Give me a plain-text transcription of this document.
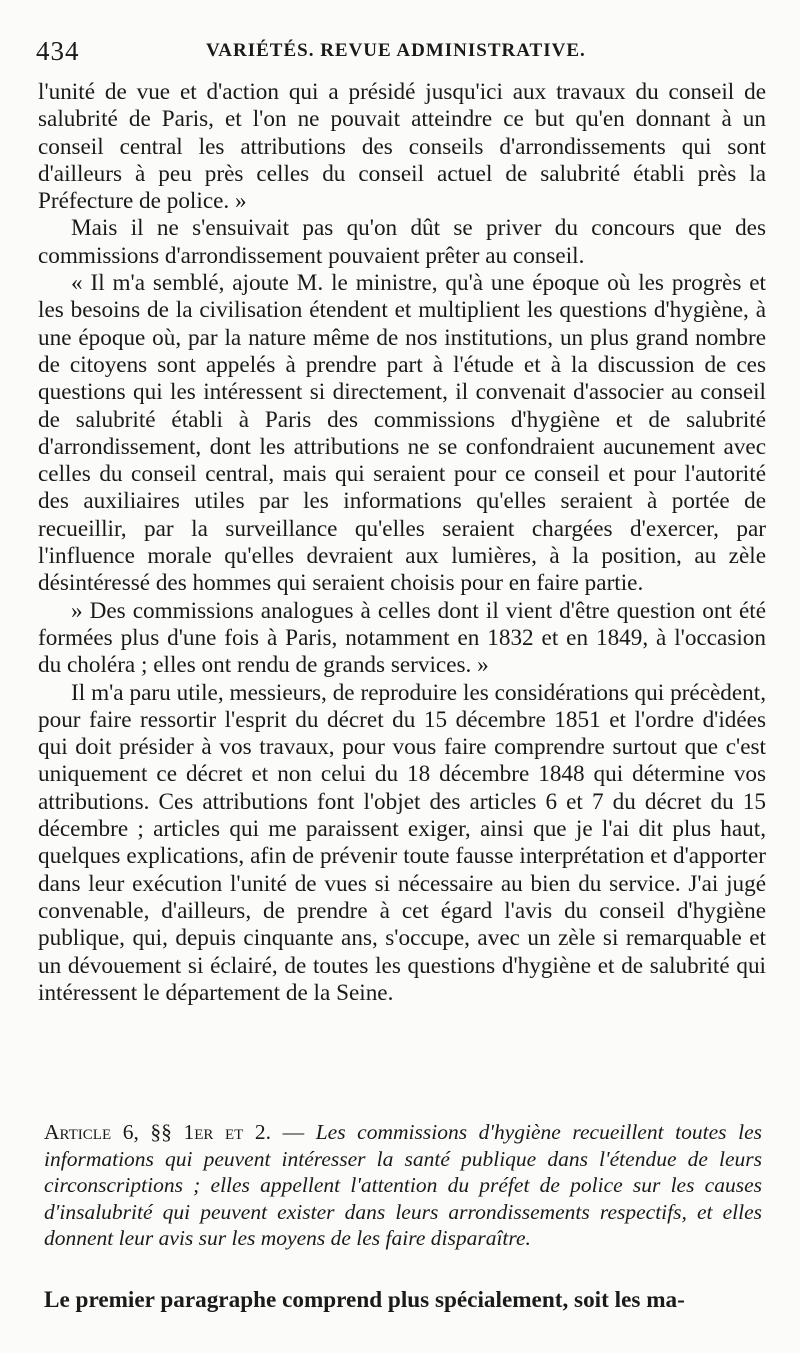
434	VARIÉTÉS. REVUE ADMINISTRATIVE.

l'unité de vue et d'action qui a présidé jusqu'ici aux travaux du conseil de salubrité de Paris, et l'on ne pouvait atteindre ce but qu'en donnant à un conseil central les attributions des conseils d'arrondissements qui sont d'ailleurs à peu près celles du conseil actuel de salubrité établi près la Préfecture de police. »

Mais il ne s'ensuivait pas qu'on dût se priver du concours que des commissions d'arrondissement pouvaient prêter au conseil.

« Il m'a semblé, ajoute M. le ministre, qu'à une époque où les progrès et les besoins de la civilisation étendent et multiplient les questions d'hygiène, à une époque où, par la nature même de nos institutions, un plus grand nombre de citoyens sont appelés à prendre part à l'étude et à la discussion de ces questions qui les intéressent si directement, il convenait d'associer au conseil de salubrité établi à Paris des commissions d'hygiène et de salubrité d'arrondissement, dont les attributions ne se confondraient aucunement avec celles du conseil central, mais qui seraient pour ce conseil et pour l'autorité des auxiliaires utiles par les informations qu'elles seraient à portée de recueillir, par la surveillance qu'elles seraient chargées d'exercer, par l'influence morale qu'elles devraient aux lumières, à la position, au zèle désintéressé des hommes qui seraient choisis pour en faire partie.

» Des commissions analogues à celles dont il vient d'être question ont été formées plus d'une fois à Paris, notamment en 1832 et en 1849, à l'occasion du choléra ; elles ont rendu de grands services. »

Il m'a paru utile, messieurs, de reproduire les considérations qui précèdent, pour faire ressortir l'esprit du décret du 15 décembre 1851 et l'ordre d'idées qui doit présider à vos travaux, pour vous faire comprendre surtout que c'est uniquement ce décret et non celui du 18 décembre 1848 qui détermine vos attributions. Ces attributions font l'objet des articles 6 et 7 du décret du 15 décembre ; articles qui me paraissent exiger, ainsi que je l'ai dit plus haut, quelques explications, afin de prévenir toute fausse interprétation et d'apporter dans leur exécution l'unité de vues si nécessaire au bien du service. J'ai jugé convenable, d'ailleurs, de prendre à cet égard l'avis du conseil d'hygiène publique, qui, depuis cinquante ans, s'occupe, avec un zèle si remarquable et un dévouement si éclairé, de toutes les questions d'hygiène et de salubrité qui intéressent le département de la Seine.

Article 6, §§ 1er et 2. — Les commissions d'hygiène recueillent toutes les informations qui peuvent intéresser la santé publique dans l'étendue de leurs circonscriptions ; elles appellent l'attention du préfet de police sur les causes d'insalubrité qui peuvent exister dans leurs arrondissements respectifs, et elles donnent leur avis sur les moyens de les faire disparaître.
Le premier paragraphe comprend plus spécialement, soit les ma-
